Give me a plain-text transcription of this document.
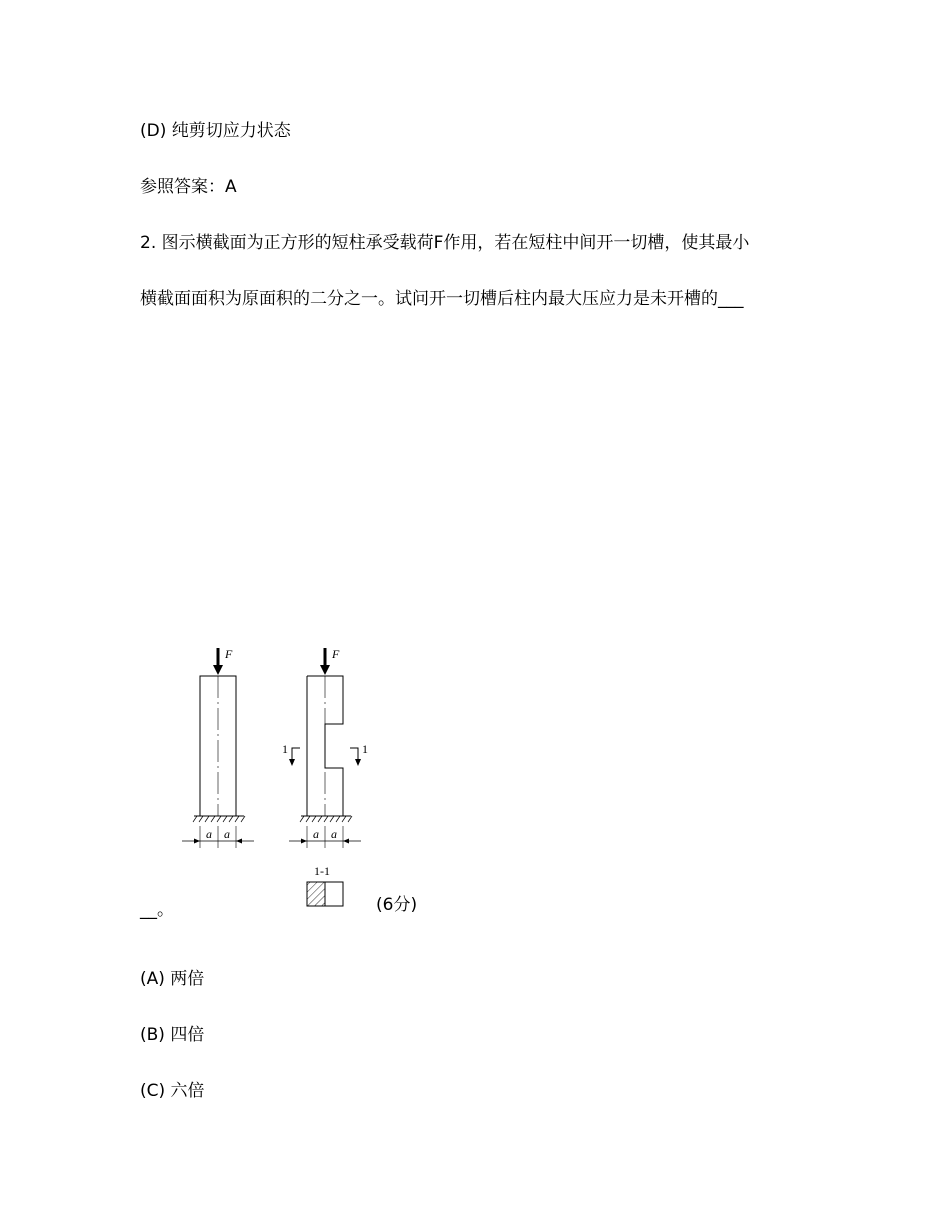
(D) 纯剪切应力状态
参照答案：A
2. 图示横截面为正方形的短柱承受载荷F作用，若在短柱中间开一切槽，使其最小
横截面面积为原面积的二分之一。试问开一切槽后柱内最大压应力是未开槽的___
F
a a
F
1	1
a a
1-1
__。	(6分)
(A) 两倍
(B) 四倍
(C) 六倍
